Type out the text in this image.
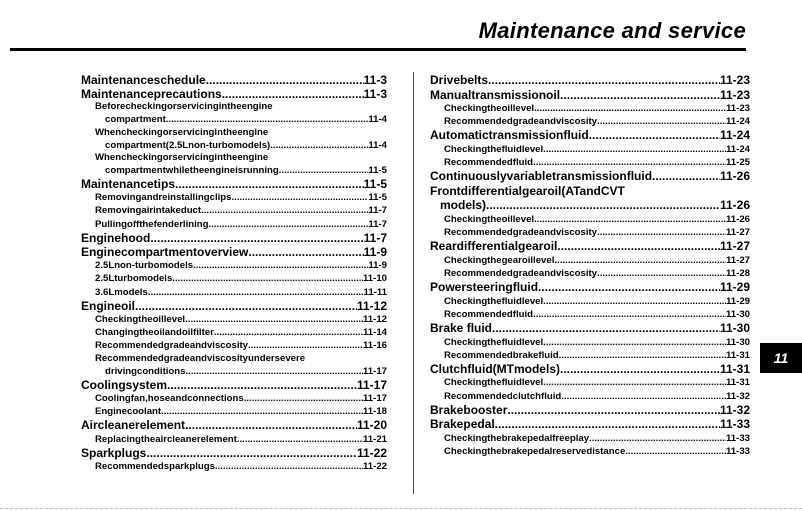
Maintenance and service
Maintenanceschedule .....	11-3
Maintenanceprecautions .....	11-3
Beforecheckingorservicingintheengine
compartment .....	11-4
Whencheckingorservicingintheengine
compartment(2.5Lnon-turbomodels) .....	11-4
Whencheckingorservicingintheengine
compartmentwhiletheengineisrunning .....	11-5
Maintenancetips .....	11-5
Removingandreinstallingclips .....	11-5
Removingairintakeduct .....	11-7
Pullingoffthefenderlining .....	11-7
Enginehood .....	11-7
Enginecompartmentoverview .....	11-9
2.5Lnon-turbomodels .....	11-9
2.5Lturbomodels .....	11-10
3.6Lmodels .....	11-11
Engineoil .....	11-12
Checkingtheoillevel .....	11-12
Changingtheoilandoilfilter .....	11-14
Recommendedgradeandviscosity .....	11-16
Recommendedgradeandviscosityundersevere
drivingconditions .....	11-17
Coolingsystem .....	11-17
Coolingfan,hoseandconnections .....	11-17
Enginecoolant .....	11-18
Aircleanerelement .....	11-20
Replacingtheaircleanerelement .....	11-21
Sparkplugs .....	11-22
Recommendedsparkplugs .....	11-22
Drivebelts .....	11-23
Manualtransmissionoil .....	11-23
Checkingtheoillevel .....	11-23
Recommendedgradeandviscosity .....	11-24
Automatictransmissionfluid .....	11-24
Checkingthefluidlevel .....	11-24
Recommendedfluid .....	11-25
Continuouslyvariabletransmissionfluid .....	11-26
Frontdifferentialgearoil(ATandCVT
models) .....	11-26
Checkingtheoillevel .....	11-26
Recommendedgradeandviscosity .....	11-27
Reardifferentialgearoil .....	11-27
Checkingthegearoillevel .....	11-27
Recommendedgradeandviscosity .....	11-28
Powersteeringfluid .....	11-29
Checkingthefluidlevel .....	11-29
Recommendedfluid .....	11-30
Brake fluid .....	11-30
Checkingthefluidlevel .....	11-30
Recommendedbrakefluid .....	11-31
Clutchfluid(MTmodels) .....	11-31
Checkingthefluidlevel .....	11-31
Recommendedclutchfluid .....	11-32
Brakebooster .....	11-32
Brakepedal .....	11-33
Checkingthebrakepedalfreeplay .....	11-33
Checkingthebrakepedalreservedistance .....	11-33
11
